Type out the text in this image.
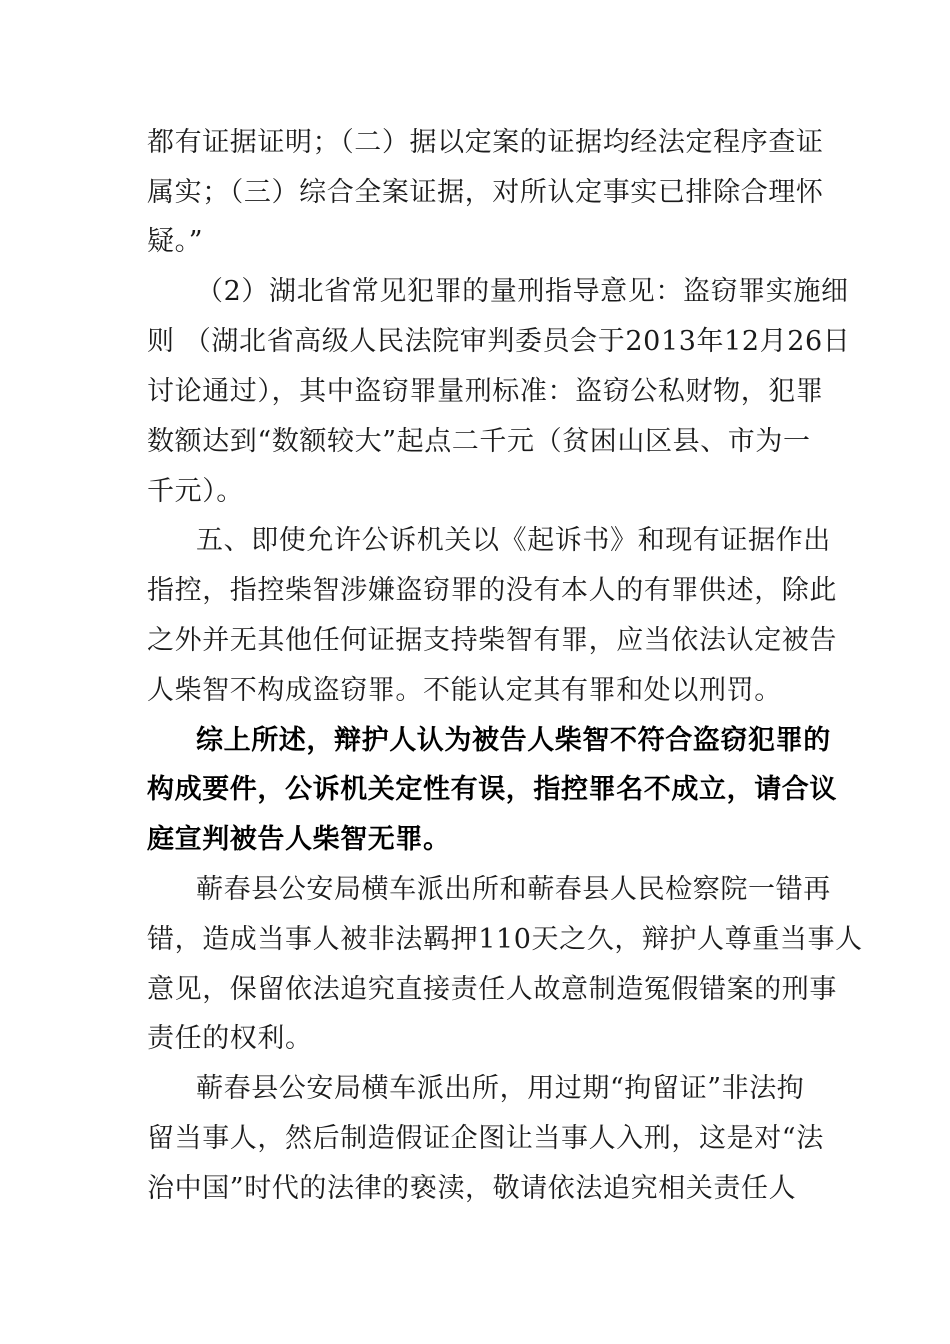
都有证据证明；（二）据以定案的证据均经法定程序查证
属实；（三）综合全案证据，对所认定事实已排除合理怀
疑。”
（2）湖北省常见犯罪的量刑指导意见：盗窃罪实施细
则 （湖北省高级人民法院审判委员会于2013年12月26日
讨论通过），其中盗窃罪量刑标准：盗窃公私财物，犯罪
数额达到“数额较大”起点二千元（贫困山区县、市为一
千元）。
五、即使允许公诉机关以《起诉书》和现有证据作出
指控，指控柴智涉嫌盗窃罪的没有本人的有罪供述，除此
之外并无其他任何证据支持柴智有罪，应当依法认定被告
人柴智不构成盗窃罪。不能认定其有罪和处以刑罚。
综上所述，辩护人认为被告人柴智不符合盗窃犯罪的
构成要件，公诉机关定性有误，指控罪名不成立，请合议
庭宣判被告人柴智无罪。
蕲春县公安局横车派出所和蕲春县人民检察院一错再
错，造成当事人被非法羁押110天之久，辩护人尊重当事人
意见，保留依法追究直接责任人故意制造冤假错案的刑事
责任的权利。
蕲春县公安局横车派出所，用过期“拘留证”非法拘
留当事人，然后制造假证企图让当事人入刑，这是对“法
治中国”时代的法律的亵渎，敬请依法追究相关责任人
